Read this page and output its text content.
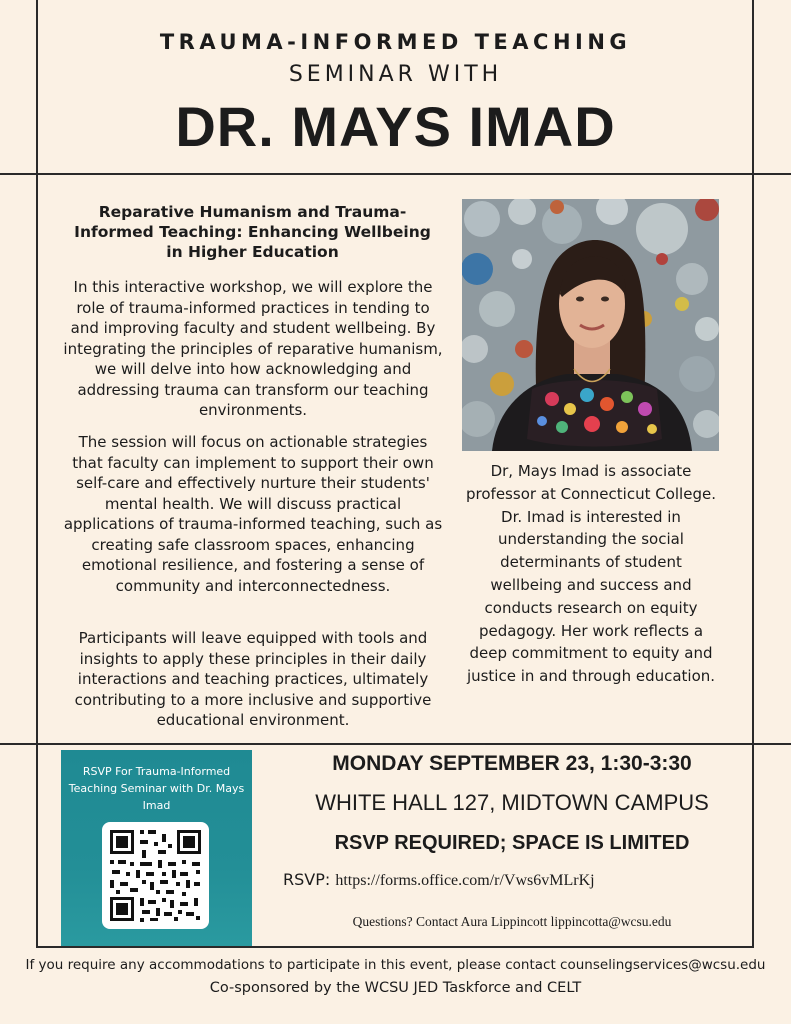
TRAUMA-INFORMED TEACHING
SEMINAR WITH
DR. MAYS IMAD
Reparative Humanism and Trauma-Informed Teaching: Enhancing Wellbeing in Higher Education
In this interactive workshop, we will explore the role of trauma-informed practices in tending to and improving faculty and student wellbeing. By integrating the principles of reparative humanism, we will delve into how acknowledging and addressing trauma can transform our teaching environments.
The session will focus on actionable strategies that faculty can implement to support their own self-care and effectively nurture their students' mental health. We will discuss practical applications of trauma-informed teaching, such as creating safe classroom spaces, enhancing emotional resilience, and fostering a sense of community and interconnectedness.
Participants will leave equipped with tools and insights to apply these principles in their daily interactions and teaching practices, ultimately contributing to a more inclusive and supportive educational environment.
Dr, Mays Imad is associate professor at Connecticut College. Dr. Imad is interested in understanding the social determinants of student wellbeing and success and conducts research on equity pedagogy. Her work reflects a deep commitment to equity and justice in and through education.
RSVP For Trauma-Informed Teaching Seminar with Dr. Mays Imad
MONDAY SEPTEMBER 23, 1:30-3:30
WHITE HALL 127, MIDTOWN CAMPUS
RSVP REQUIRED; SPACE IS LIMITED
RSVP: https://forms.office.com/r/Vws6vMLrKj
Questions? Contact Aura Lippincott lippincotta@wcsu.edu
If you require any accommodations to participate in this event, please contact counselingservices@wcsu.edu
Co-sponsored by the WCSU JED Taskforce and CELT
